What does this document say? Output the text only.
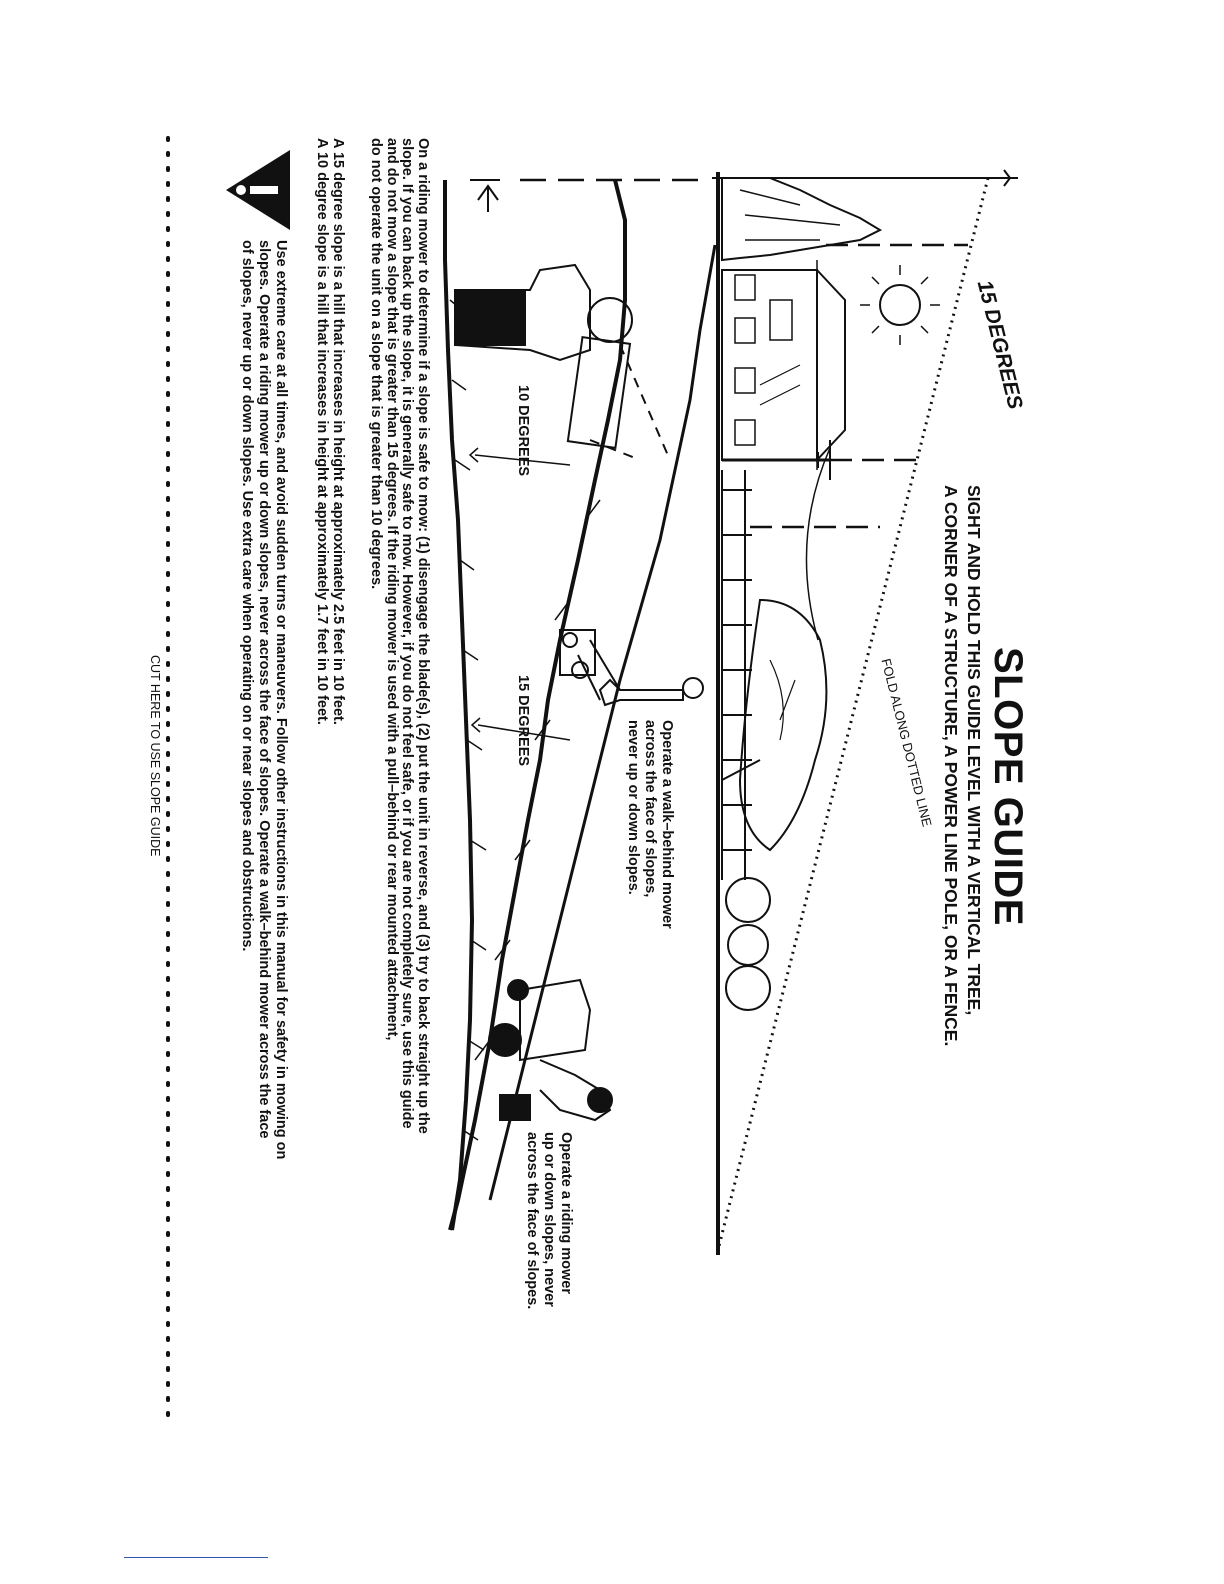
SLOPE GUIDE
SIGHT AND HOLD THIS GUIDE LEVEL WITH A VERTICAL TREE,
A CORNER OF A STRUCTURE, A POWER LINE POLE, OR A FENCE.
15 DEGREES
FOLD ALONG DOTTED LINE
10 DEGREES
15 DEGREES	Operate a walk–behind mower
across the face of slopes,
never up or down slopes.
Operate a riding mower
up or down slopes, never
across the face of slopes.
On a riding mower to determine if a slope is safe to mow: (1) disengage the blade(s), (2) put the unit in reverse, and (3) try to back straight up the
slope. If you can back up the slope, it is generally safe to mow. However, if you do not feel safe, or if you are not completely sure, use this guide
and do not mow a slope that is greater than 15 degrees. If the riding mower is used with a pull–behind or rear mounted attachment,
do not operate the unit on a slope that is greater than 10 degrees.
A 15 degree slope is a hill that increases in height at approximately 2.5 feet in 10 feet.
A 10 degree slope is a hill that increases in height at approximately 1.7 feet in 10 feet.
Use extreme care at all times, and avoid sudden turns or maneuvers. Follow other instructions in this manual for safety in mowing on
slopes. Operate a riding mower up or down slopes, never across the face of slopes. Operate a walk–behind mower across the face
of slopes, never up or down slopes. Use extra care when operating on or near slopes and obstructions.
CUT HERE TO USE SLOPE GUIDE
